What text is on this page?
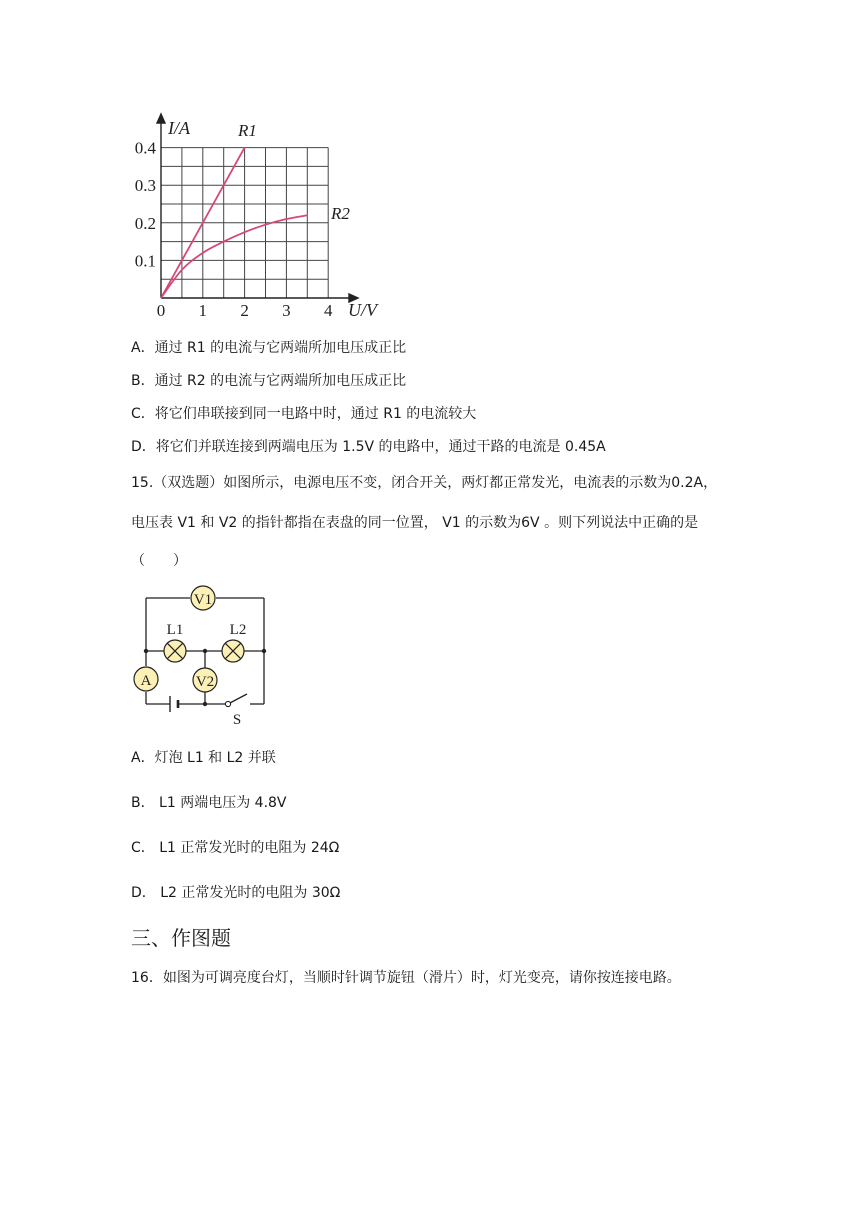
I/A
U/V
0.4
0.3
0.2
0.1
0 1 2 3 4
R1
R2
A．通过 R1 的电流与它两端所加电压成正比
B．通过 R2 的电流与它两端所加电压成正比
C．将它们串联接到同一电路中时，通过 R1 的电流较大
D．将它们并联连接到两端电压为 1.5V 的电路中，通过干路的电流是 0.45A
15.（双选题）如图所示，电源电压不变，闭合开关，两灯都正常发光，电流表的示数为0.2A，
电压表 V1 和 V2 的指针都指在表盘的同一位置， V1 的示数为6V 。则下列说法中正确的是
（　　）
V1
A	V2
L1	L2
S
A．灯泡 L1 和 L2 并联
B． L1 两端电压为 4.8V
C． L1 正常发光时的电阻为 24Ω
D． L2 正常发光时的电阻为 30Ω
三、作图题
16．如图为可调亮度台灯，当顺时针调节旋钮（滑片）时，灯光变亮，请你按连接电路。
